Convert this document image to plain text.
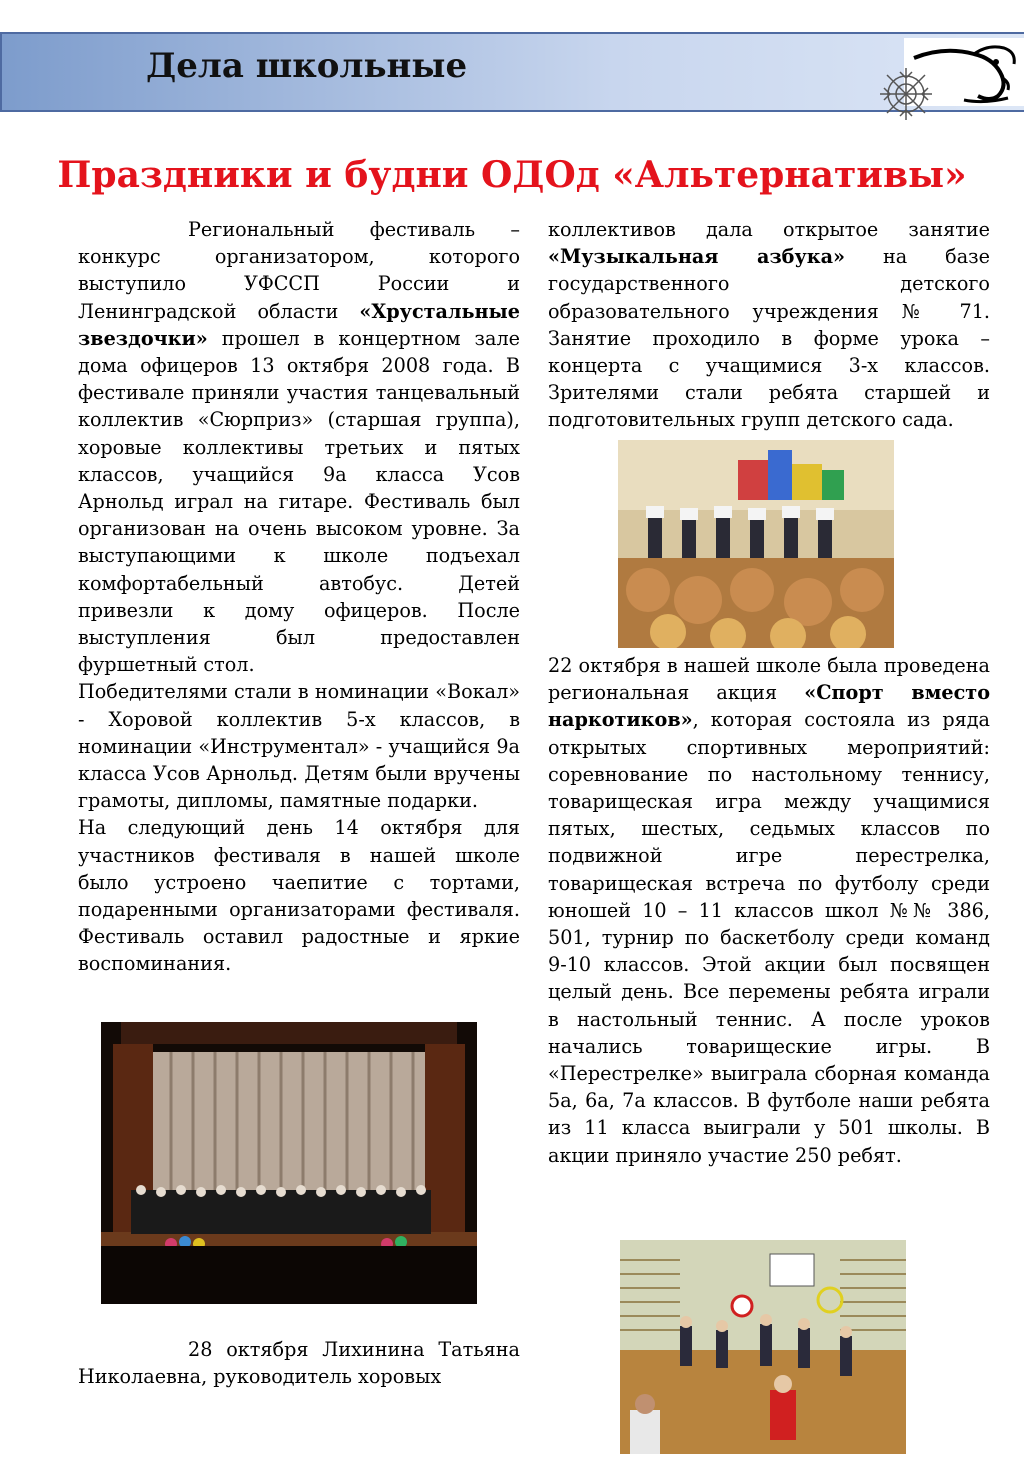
Дела школьные
Праздники и будни ОДОд «Альтернативы»

Региональный фестиваль – конкурс организатором, которого выступило УФССП России и Ленинградской области «Хрустальные звездочки» прошел в концертном зале дома офицеров 13 октября 2008 года. В фестивале приняли участия танцевальный коллектив «Сюрприз» (старшая группа), хоровые коллективы третьих и пятых классов, учащийся 9а класса Усов Арнольд играл на гитаре. Фестиваль был организован на очень высоком уровне. За выступающими к школе подъехал комфортабельный автобус. Детей привезли к дому офицеров. После выступления был предоставлен фуршетный стол.

Победителями стали в номинации «Вокал» - Хоровой коллектив 5-х классов, в номинации «Инструментал» - учащийся 9а класса Усов Арнольд. Детям были вручены грамоты, дипломы, памятные подарки.

На следующий день 14 октября для участников фестиваля в нашей школе было устроено чаепитие с тортами, подаренными организаторами фестиваля. Фестиваль оставил радостные и яркие воспоминания.

28 октября Лихинина Татьяна Николаевна, руководитель хоровых

коллективов дала открытое занятие «Музыкальная азбука» на базе государственного детского образовательного учреждения № 71. Занятие проходило в форме урока – концерта с учащимися 3-х классов. Зрителями стали ребята старшей и подготовительных групп детского сада.

22 октября в нашей школе была проведена региональная акция «Спорт вместо наркотиков», которая состояла из ряда открытых спортивных мероприятий: соревнование по настольному теннису, товарищеская игра между учащимися пятых, шестых, седьмых классов по подвижной игре перестрелка, товарищеская встреча по футболу среди юношей 10 – 11 классов школ №№ 386, 501, турнир по баскетболу среди команд 9-10 классов. Этой акции был посвящен целый день. Все перемены ребята играли в настольный теннис. А после уроков начались товарищеские игры. В «Перестрелке» выиграла сборная команда 5а, 6а, 7а классов. В футболе наши ребята из 11 класса выиграли у 501 школы. В акции приняло участие 250 ребят.
